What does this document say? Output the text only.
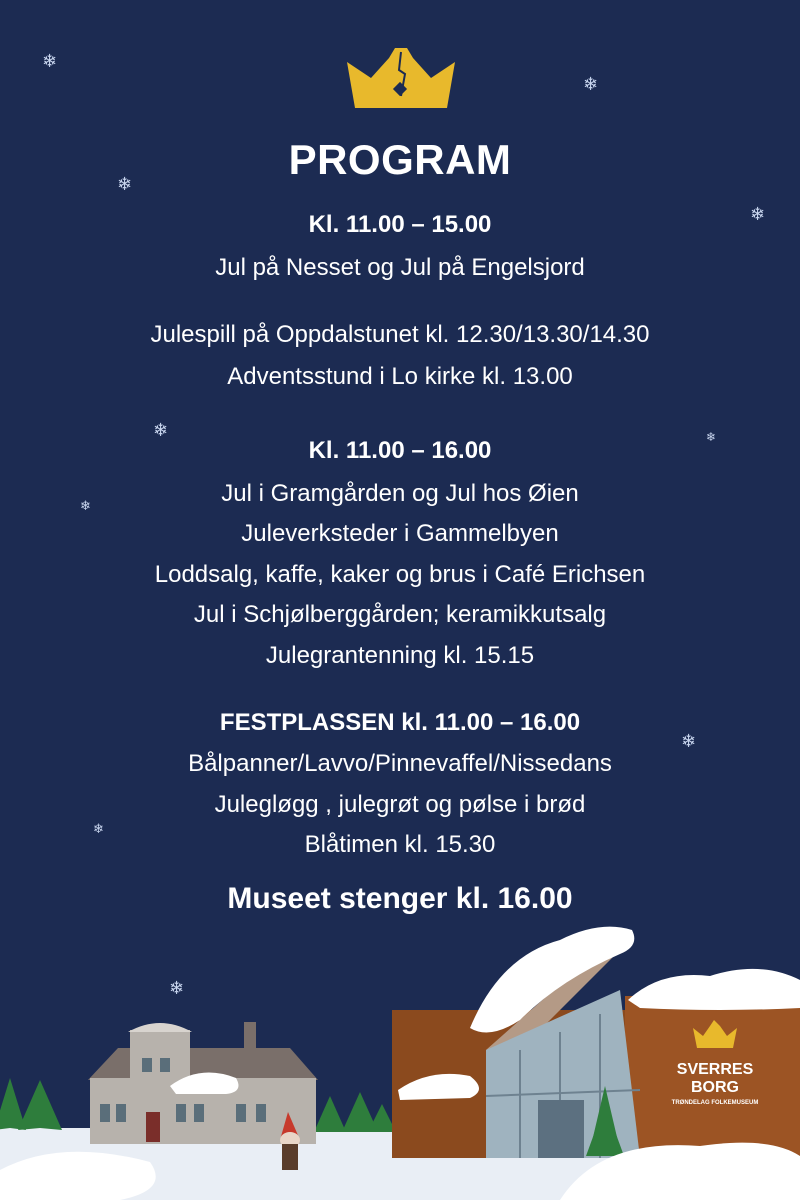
PROGRAM
Kl. 11.00 – 15.00
Jul på Nesset og Jul på Engelsjord
Julespill på Oppdalstunet kl. 12.30/13.30/14.30
Adventsstund i Lo kirke kl. 13.00
Kl. 11.00 – 16.00
Jul i Gramgården og Jul hos Øien
Juleverksteder i Gammelbyen
Loddsalg, kaffe, kaker og brus i Café Erichsen
Jul i Schjølberggården; keramikkutsalg
Julegrantenning kl. 15.15
FESTPLASSEN kl. 11.00 – 16.00
Bålpanner/Lavvo/Pinnevaffel/Nissedans
Julegløgg , julegrøt og pølse i brød
Blåtimen kl. 15.30
Museet stenger kl. 16.00
❄
❄
❄
❄
❄	❄
❄
❄
❄
❄
SVERRES
BORG
TRØNDELAG FOLKEMUSEUM
